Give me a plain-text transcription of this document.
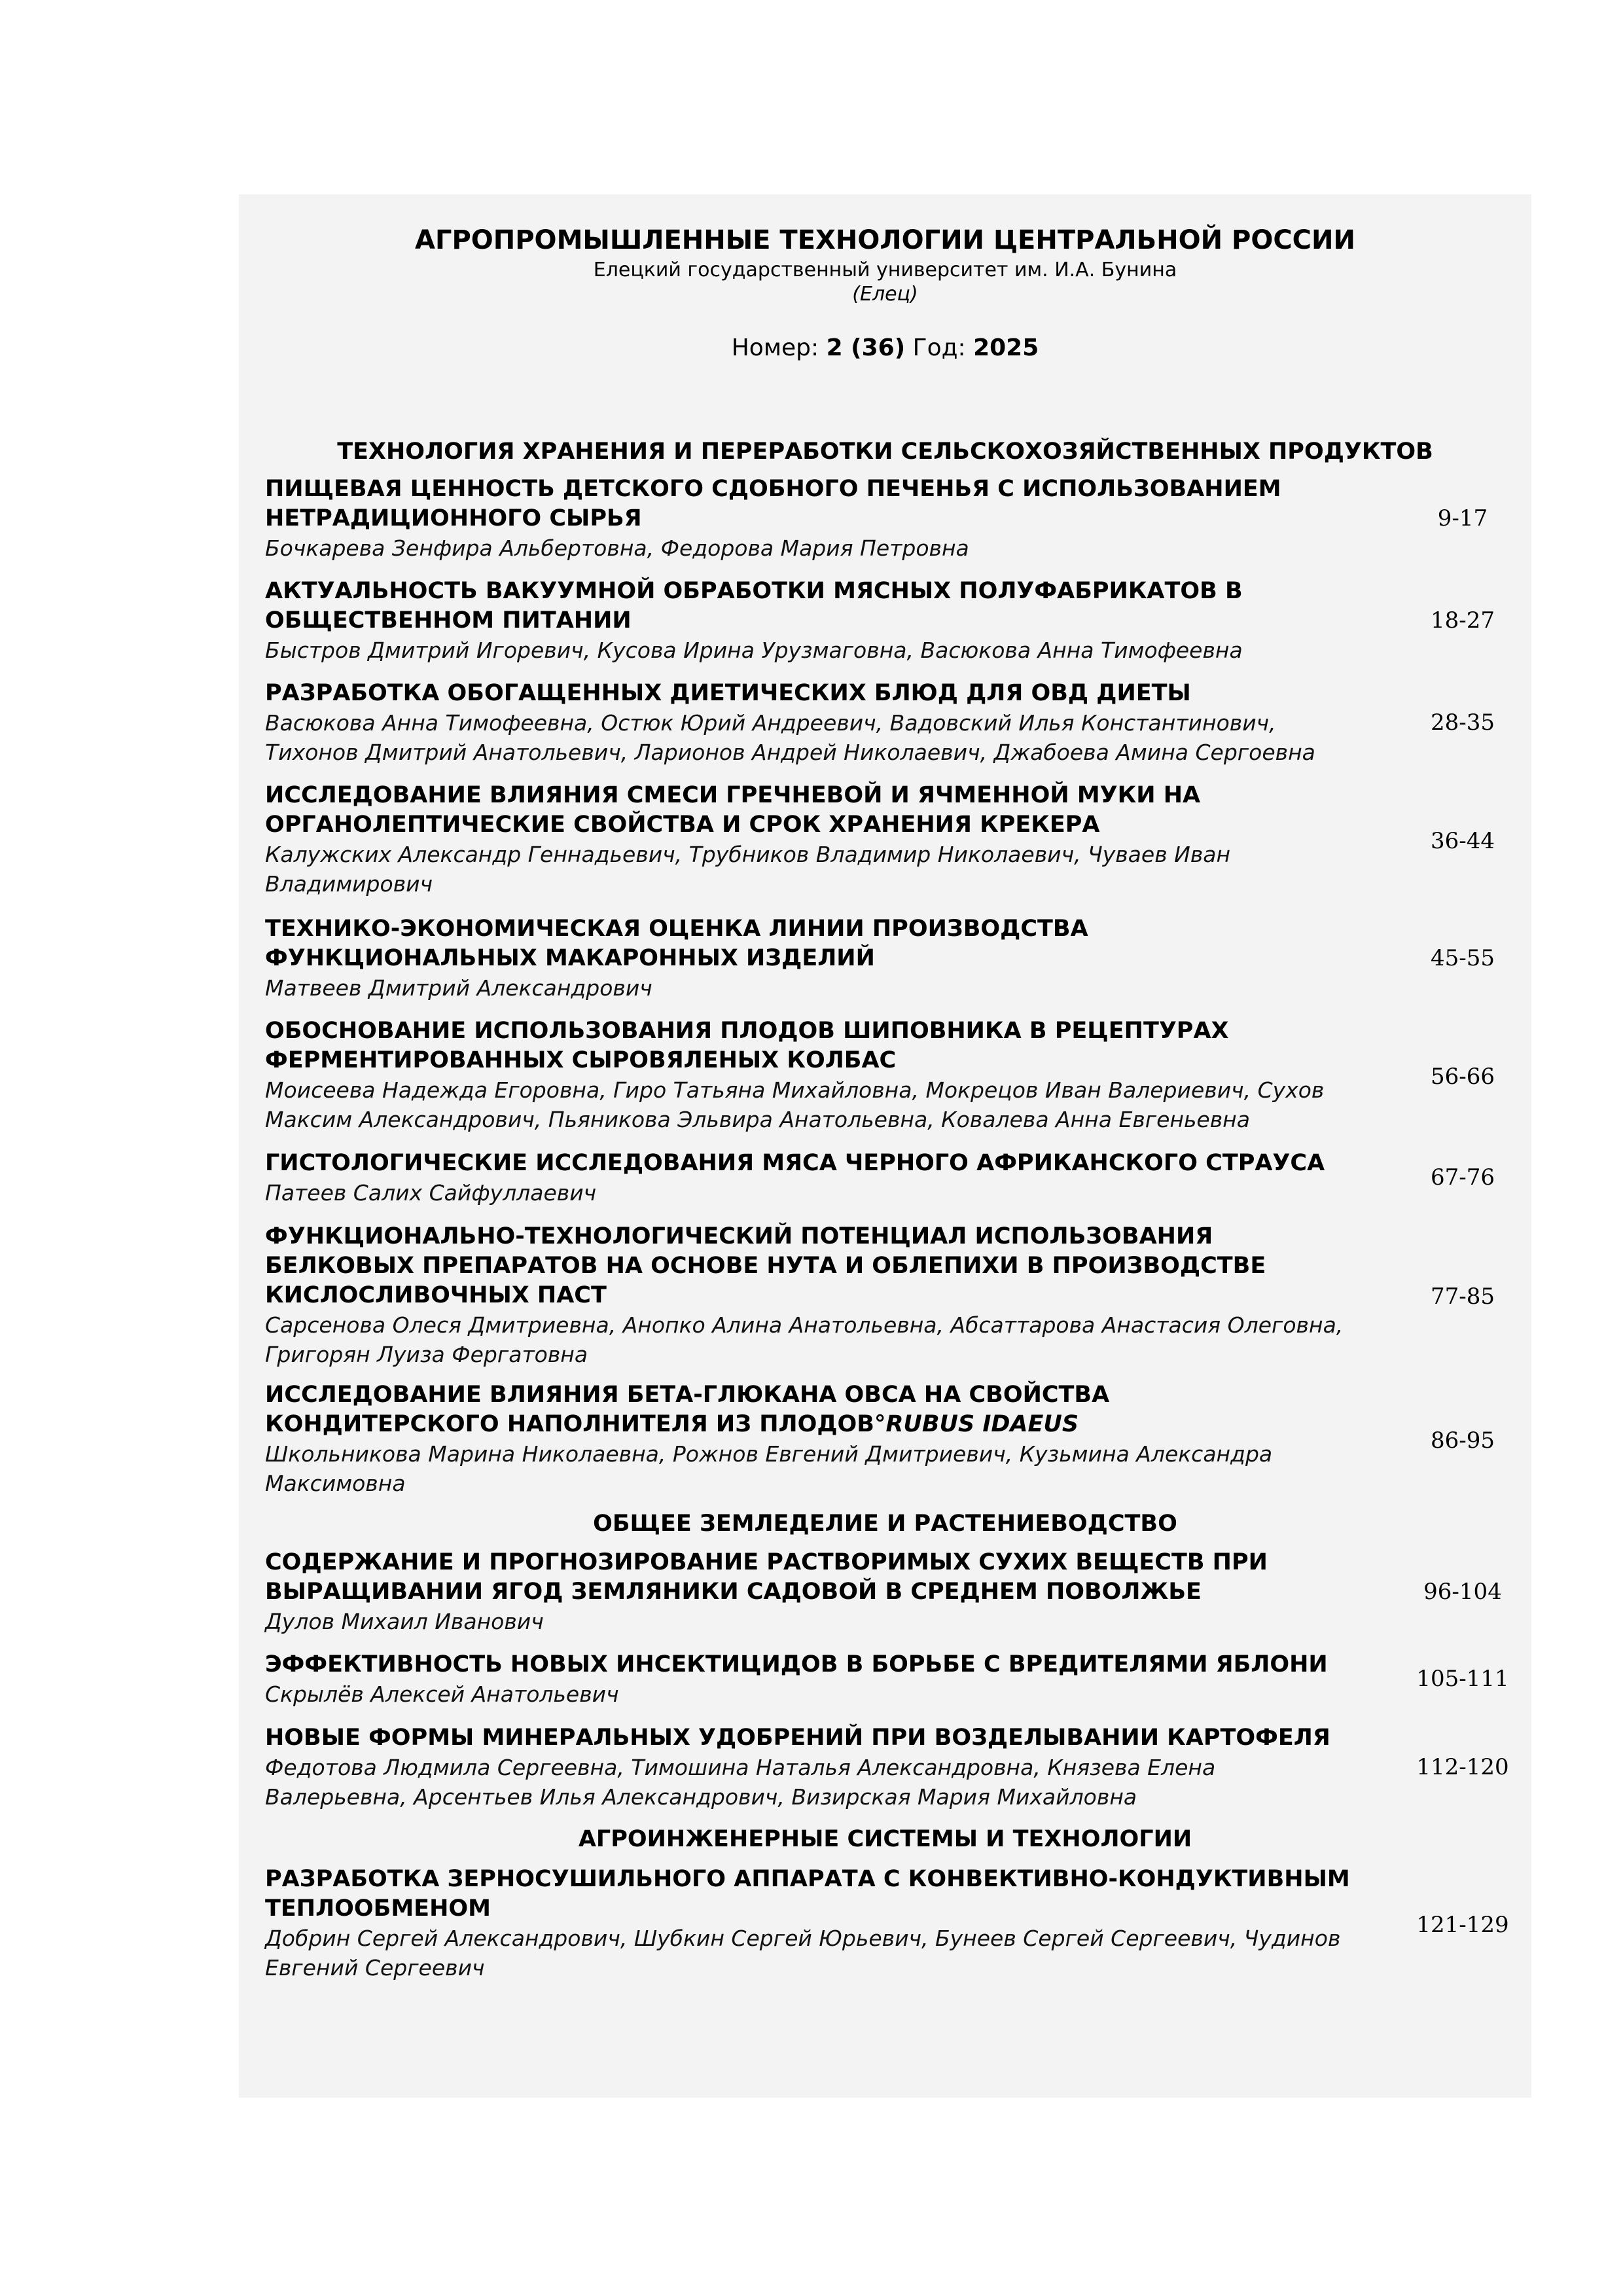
АГРОПРОМЫШЛЕННЫЕ ТЕХНОЛОГИИ ЦЕНТРАЛЬНОЙ РОССИИ
Елецкий государственный университет им. И.А. Бунина
(Елец)
Номер: 2 (36) Год: 2025
ТЕХНОЛОГИЯ ХРАНЕНИЯ И ПЕРЕРАБОТКИ СЕЛЬСКОХОЗЯЙСТВЕННЫХ ПРОДУКТОВ
ПИЩЕВАЯ ЦЕННОСТЬ ДЕТСКОГО СДОБНОГО ПЕЧЕНЬЯ С ИСПОЛЬЗОВАНИЕМ НЕТРАДИЦИОННОГО СЫРЬЯ
Бочкарева Зенфира Альбертовна, Федорова Мария Петровна
9-17
АКТУАЛЬНОСТЬ ВАКУУМНОЙ ОБРАБОТКИ МЯСНЫХ ПОЛУФАБРИКАТОВ В ОБЩЕСТВЕННОМ ПИТАНИИ
Быстров Дмитрий Игоревич, Кусова Ирина Урузмаговна, Васюкова Анна Тимофеевна
18-27
РАЗРАБОТКА ОБОГАЩЕННЫХ ДИЕТИЧЕСКИХ БЛЮД ДЛЯ ОВД ДИЕТЫ
Васюкова Анна Тимофеевна, Остюк Юрий Андреевич, Вадовский Илья Константинович, Тихонов Дмитрий Анатольевич, Ларионов Андрей Николаевич, Джабоева Амина Сергоевна
28-35
ИССЛЕДОВАНИЕ ВЛИЯНИЯ СМЕСИ ГРЕЧНЕВОЙ И ЯЧМЕННОЙ МУКИ НА ОРГАНОЛЕПТИЧЕСКИЕ СВОЙСТВА И СРОК ХРАНЕНИЯ КРЕКЕРА
Калужских Александр Геннадьевич, Трубников Владимир Николаевич, Чуваев Иван Владимирович
36-44
ТЕХНИКО-ЭКОНОМИЧЕСКАЯ ОЦЕНКА ЛИНИИ ПРОИЗВОДСТВА ФУНКЦИОНАЛЬНЫХ МАКАРОННЫХ ИЗДЕЛИЙ
Матвеев Дмитрий Александрович
45-55
ОБОСНОВАНИЕ ИСПОЛЬЗОВАНИЯ ПЛОДОВ ШИПОВНИКА В РЕЦЕПТУРАХ ФЕРМЕНТИРОВАННЫХ СЫРОВЯЛЕНЫХ КОЛБАС
Моисеева Надежда Егоровна, Гиро Татьяна Михайловна, Мокрецов Иван Валериевич, Сухов Максим Александрович, Пьяникова Эльвира Анатольевна, Ковалева Анна Евгеньевна
56-66
ГИСТОЛОГИЧЕСКИЕ ИССЛЕДОВАНИЯ МЯСА ЧЕРНОГО АФРИКАНСКОГО СТРАУСА
Патеев Салих Сайфуллаевич
67-76
ФУНКЦИОНАЛЬНО-ТЕХНОЛОГИЧЕСКИЙ ПОТЕНЦИАЛ ИСПОЛЬЗОВАНИЯ БЕЛКОВЫХ ПРЕПАРАТОВ НА ОСНОВЕ НУТА И ОБЛЕПИХИ В ПРОИЗВОДСТВЕ КИСЛОСЛИВОЧНЫХ ПАСТ
Сарсенова Олеся Дмитриевна, Анопко Алина Анатольевна, Абсаттарова Анастасия Олеговна, Григорян Луиза Фергатовна
77-85
ИССЛЕДОВАНИЕ ВЛИЯНИЯ БЕТА-ГЛЮКАНА ОВСА НА СВОЙСТВА КОНДИТЕРСКОГО НАПОЛНИТЕЛЯ ИЗ ПЛОДОВ°RUBUS IDAEUS
Школьникова Марина Николаевна, Рожнов Евгений Дмитриевич, Кузьмина Александра Максимовна
86-95
ОБЩЕЕ ЗЕМЛЕДЕЛИЕ И РАСТЕНИЕВОДСТВО
СОДЕРЖАНИЕ И ПРОГНОЗИРОВАНИЕ РАСТВОРИМЫХ СУХИХ ВЕЩЕСТВ ПРИ ВЫРАЩИВАНИИ ЯГОД ЗЕМЛЯНИКИ САДОВОЙ В СРЕДНЕМ ПОВОЛЖЬЕ
Дулов Михаил Иванович
96-104
ЭФФЕКТИВНОСТЬ НОВЫХ ИНСЕКТИЦИДОВ В БОРЬБЕ С ВРЕДИТЕЛЯМИ ЯБЛОНИ
Скрылёв Алексей Анатольевич
105-111
НОВЫЕ ФОРМЫ МИНЕРАЛЬНЫХ УДОБРЕНИЙ ПРИ ВОЗДЕЛЫВАНИИ КАРТОФЕЛЯ
Федотова Людмила Сергеевна, Тимошина Наталья Александровна, Князева Елена Валерьевна, Арсентьев Илья Александрович, Визирская Мария Михайловна
112-120
АГРОИНЖЕНЕРНЫЕ СИСТЕМЫ И ТЕХНОЛОГИИ
РАЗРАБОТКА ЗЕРНОСУШИЛЬНОГО АППАРАТА С КОНВЕКТИВНО-КОНДУКТИВНЫМ ТЕПЛООБМЕНОМ
Добрин Сергей Александрович, Шубкин Сергей Юрьевич, Бунеев Сергей Сергеевич, Чудинов Евгений Сергеевич
121-129
